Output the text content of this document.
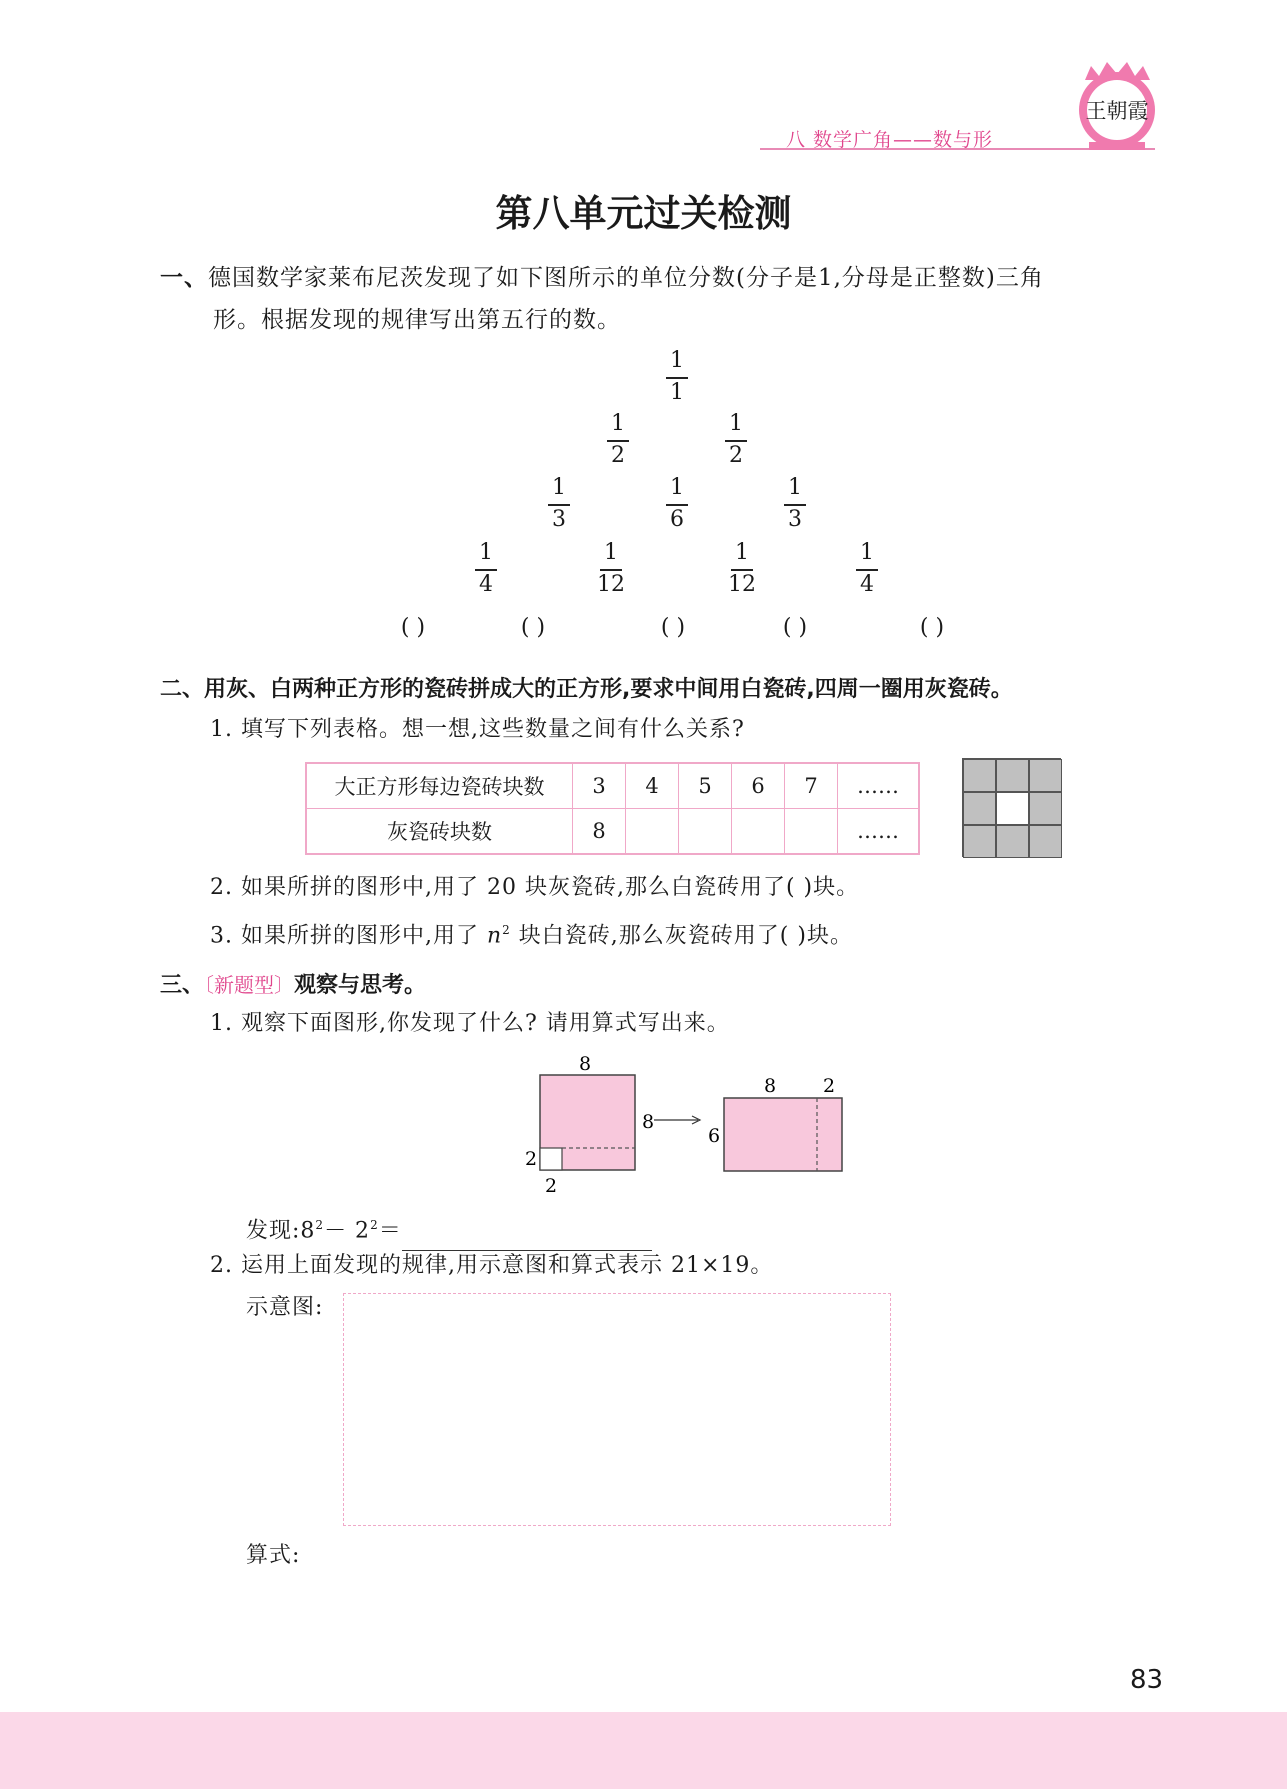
八 数学广角——数与形
王朝霞
第八单元过关检测
一、德国数学家莱布尼茨发现了如下图所示的单位分数(分子是1,分母是正整数)三角
形。根据发现的规律写出第五行的数。
( )	( )	( )	( )	( )
二、用灰、白两种正方形的瓷砖拼成大的正方形,要求中间用白瓷砖,四周一圈用灰瓷砖。
1. 填写下列表格。想一想,这些数量之间有什么关系?
大正方形每边瓷砖块数	3	4	5	6	7	……
灰瓷砖块数	8					……
2. 如果所拼的图形中,用了 20 块灰瓷砖,那么白瓷砖用了( )块。
3. 如果所拼的图形中,用了 $n^2$ 块白瓷砖,那么灰瓷砖用了( )块。
三、〔新题型〕观察与思考。
1. 观察下面图形,你发现了什么? 请用算式写出来。
8
8
2
2
8 2
6
发现$:8^2- 2^2=$
2. 运用上面发现的规律,用示意图和算式表示 21×19。
示意图:
算式:
83
1
1
1
2
1
2
1
3
1
6
1
3
1
4
1
12
1
12
1
4
